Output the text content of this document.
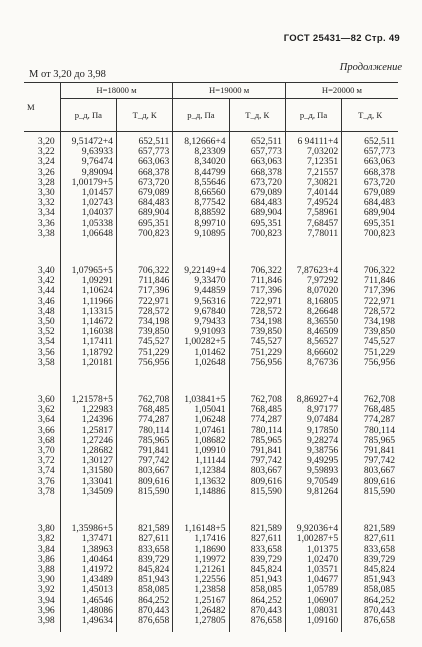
ГОСТ 25431—82 Стр. 49
Продолжение
М от 3,20 до 3,98
М	H=18000 м		H=19000 м		H=20000 м	

	p_д, Па	Т_д, К	p_д, Па	Т_д, К	p_д, Па	Т_д, К

3,20	9,51472+4	652,511	8,12666+4	652,511	6 94111+4	652,511
3,22	9,63933	657,773	8,23309	657,773	7,03202	657,773
3,24	9,76474	663,063	8,34020	663,063	7,12351	663,063
3,26	9,89094	668,378	8,44799	668,378	7,21557	668,378
3,28	1,00179+5	673,720	8,55646	673,720	7,30821	673,720
3,30	1,01457	679,089	8,66560	679,089	7,40144	679,089
3,32	1,02743	684,483	8,77542	684,483	7,49524	684,483
3,34	1,04037	689,904	8,88592	689,904	7,58961	689,904
3,36	1,05338	695,351	8,99710	695,351	7,68457	695,351
3,38	1,06648	700,823	9,10895	700,823	7,78011	700,823

3,40	1,07965+5	706,322	9,22149+4	706,322	7,87623+4	706,322
3,42	1,09291	711,846	9,33470	711,846	7,97292	711,846
3,44	1,10624	717,396	9,44859	717,396	8,07020	717,396
3,46	1,11966	722,971	9,56316	722,971	8,16805	722,971
3,48	1,13315	728,572	9,67840	728,572	8,26648	728,572
3,50	1,14672	734,198	9,79433	734,198	8,36550	734,198
3,52	1,16038	739,850	9,91093	739,850	8,46509	739,850
3,54	1,17411	745,527	1,00282+5	745,527	8,56527	745,527
3,56	1,18792	751,229	1,01462	751,229	8,66602	751,229
3,58	1,20181	756,956	1,02648	756,956	8,76736	756,956

3,60	1,21578+5	762,708	1,03841+5	762,708	8,86927+4	762,708
3,62	1,22983	768,485	1,05041	768,485	8,97177	768,485
3,64	1,24396	774,287	1,06248	774,287	9,07484	774,287
3,66	1,25817	780,114	1,07461	780,114	9,17850	780,114
3,68	1,27246	785,965	1,08682	785,965	9,28274	785,965
3,70	1,28682	791,841	1,09910	791,841	9,38756	791,841
3,72	1,30127	797,742	1,11144	797,742	9,49295	797,742
3,74	1,31580	803,667	1,12384	803,667	9,59893	803,667
3,76	1,33041	809,616	1,13632	809,616	9,70549	809,616
3,78	1,34509	815,590	1,14886	815,590	9,81264	815,590

3,80	1,35986+5	821,589	1,16148+5	821,589	9,92036+4	821,589
3,82	1,37471	827,611	1,17416	827,611	1,00287+5	827,611
3,84	1,38963	833,658	1,18690	833,658	1,01375	833,658
3,86	1,40464	839,729	1,19972	839,729	1,02470	839,729
3,88	1,41972	845,824	1,21261	845,824	1,03571	845,824
3,90	1,43489	851,943	1,22556	851,943	1,04677	851,943
3,92	1,45013	858,085	1,23858	858,085	1,05789	858,085
3,94	1,46546	864,252	1,25167	864,252	1,06907	864,252
3,96	1,48086	870,443	1,26482	870,443	1,08031	870,443
3,98	1,49634	876,658	1,27805	876,658	1,09160	876,658
